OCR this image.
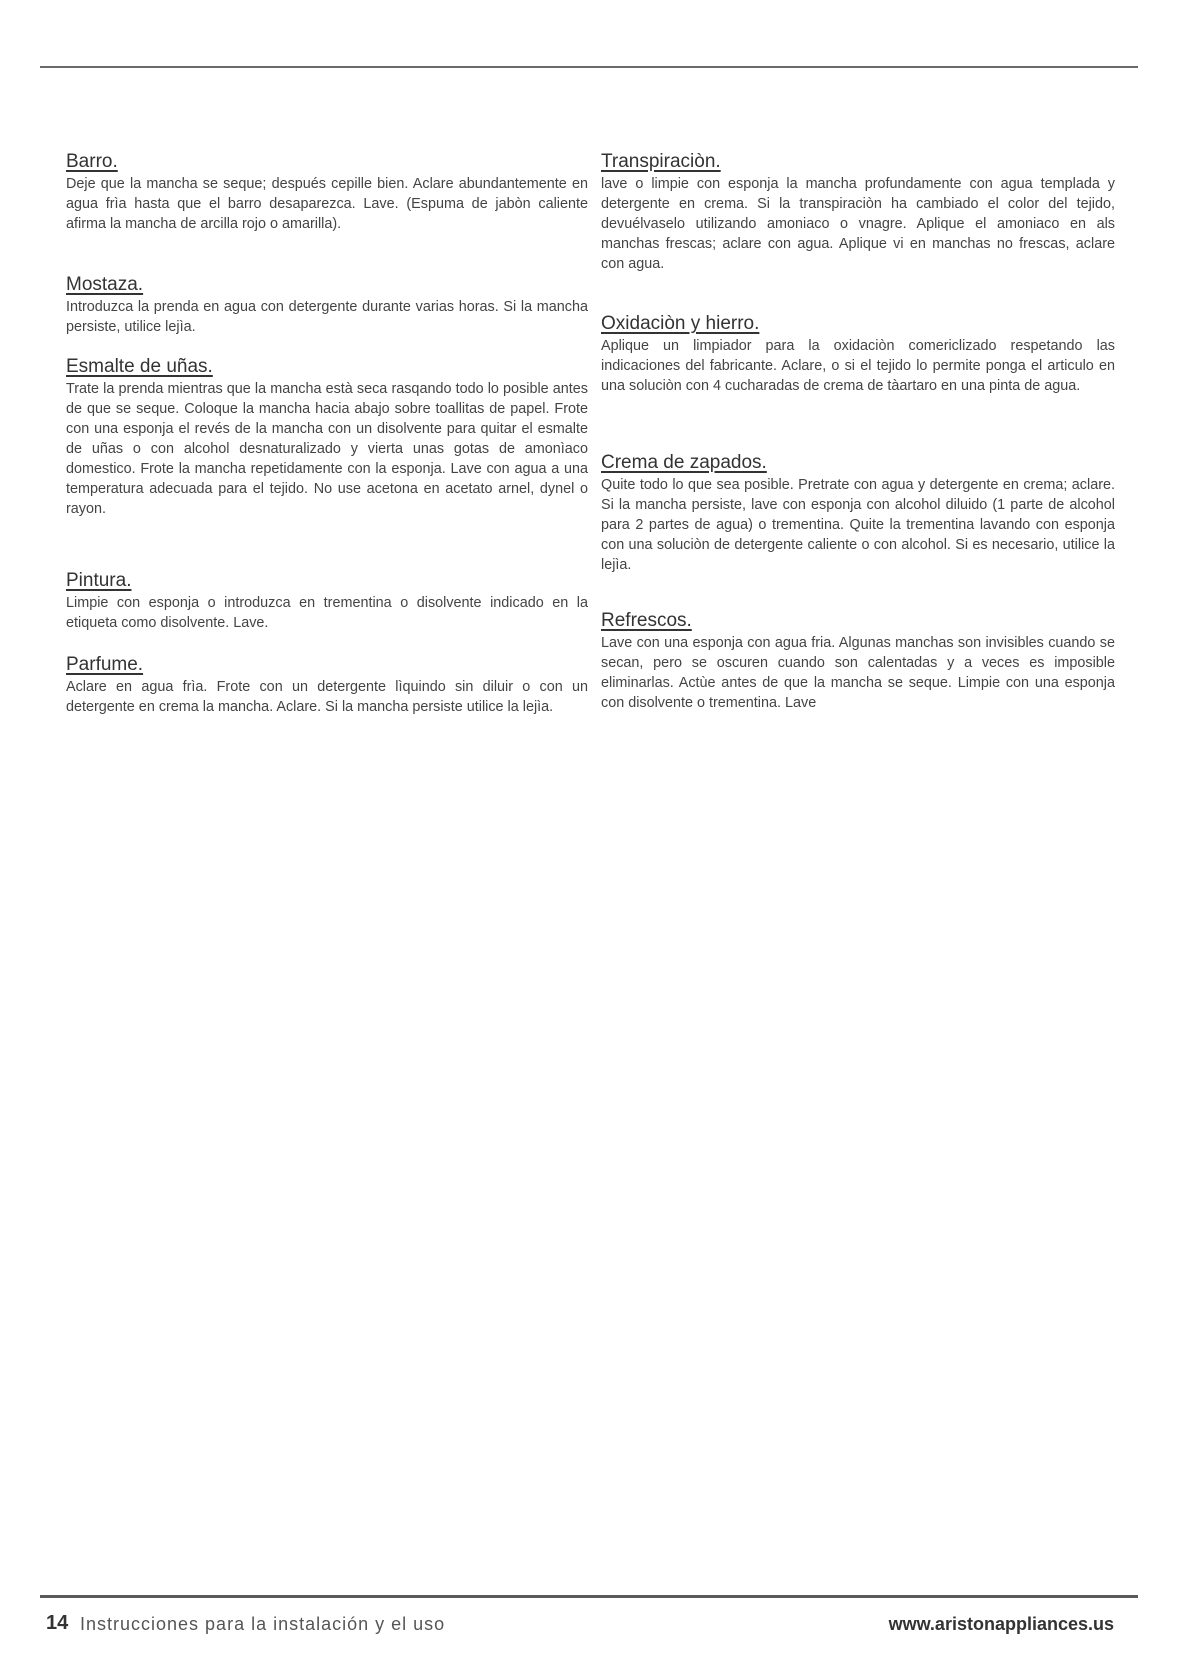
Barro.

Deje que la mancha se seque; después cepille bien. Aclare abundantemente en agua frìa hasta que el barro desaparezca. Lave. (Espuma de jabòn caliente afirma la mancha de arcilla rojo o amarilla).

Mostaza.

Introduzca la prenda en agua con detergente durante varias horas. Si la mancha persiste, utilice lejìa.

Esmalte de uñas.

Trate la prenda mientras que la mancha està seca rasqando todo lo posible antes de que se seque. Coloque la mancha hacia abajo sobre toallitas de papel. Frote con una esponja el revés de la mancha con un disolvente para quitar el esmalte de uñas o con alcohol desnaturalizado y vierta unas gotas de amonìaco domestico. Frote la mancha repetidamente con la esponja. Lave con agua a una temperatura adecuada para el tejido. No use acetona en acetato arnel, dynel o rayon.

Pintura.

Limpie con esponja o introduzca en trementina o disolvente indicado en la etiqueta como disolvente. Lave.

Parfume.

Aclare en agua frìa. Frote con un detergente lìquindo sin diluir o con un detergente en crema la mancha. Aclare. Si la mancha persiste utilice la lejìa.

Transpiraciòn.

lave o limpie con esponja la mancha profundamente con agua templada y detergente en crema. Si la transpiraciòn ha cambiado el color del tejido, devuélvaselo utilizando amoniaco o vnagre. Aplique el amoniaco en als manchas frescas; aclare con agua. Aplique vi en manchas no frescas, aclare con agua.

Oxidaciòn y hierro.

Aplique un limpiador para la oxidaciòn comericlizado respetando las indicaciones del fabricante. Aclare, o si el tejido lo permite ponga el articulo en una soluciòn con 4 cucharadas de crema de tàartaro en una pinta de agua.

Crema de zapados.

Quite todo lo que sea posible. Pretrate con agua y detergente en crema; aclare. Si la mancha persiste, lave con esponja con alcohol diluido (1 parte de alcohol para 2 partes de agua) o trementina. Quite la trementina lavando con esponja con una soluciòn de detergente caliente o con alcohol. Si es necesario, utilice la lejìa.

Refrescos.

Lave con una esponja con agua fria. Algunas manchas son invisibles cuando se secan, pero se oscuren cuando son calentadas y a veces es imposible eliminarlas. Actùe antes de que la mancha se seque. Limpie con una esponja con disolvente o trementina. Lave

14 Instrucciones para la instalación y el uso	www.aristonappliances.us
